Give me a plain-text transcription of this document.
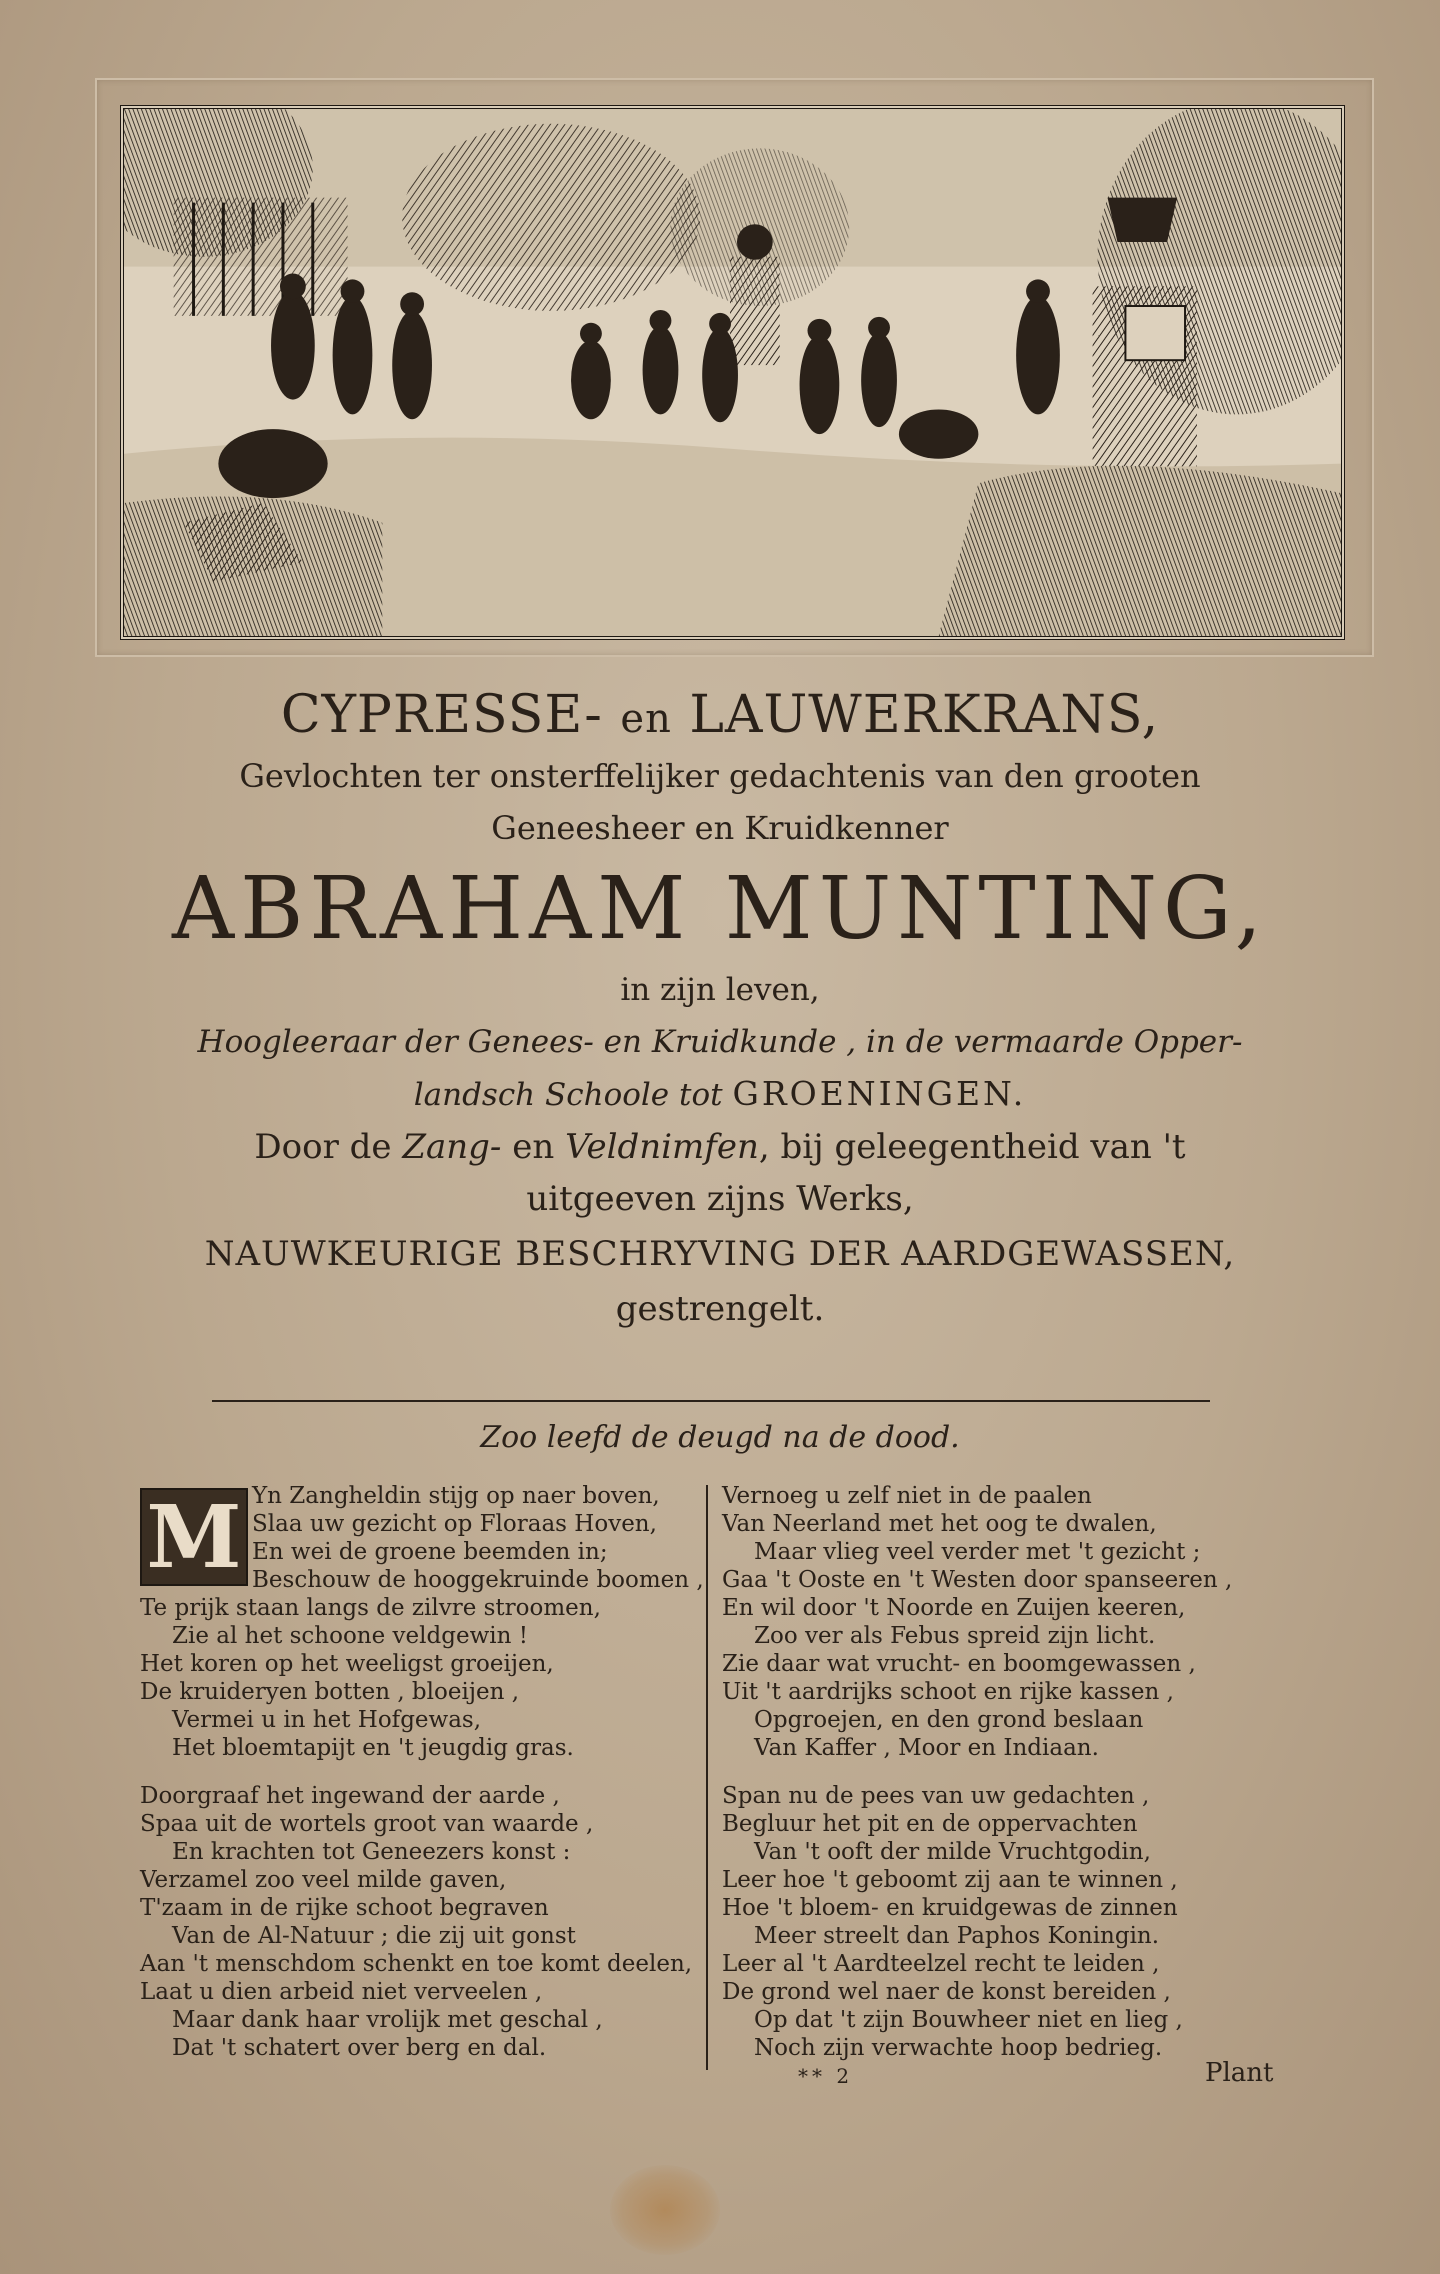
CYPRESSE- en LAUWERKRANS,

Gevlochten ter onsterffelijker gedachtenis van den grooten

Geneesheer en Kruidkenner

ABRAHAM MUNTING,

in zijn leven,

Hoogleeraar der Genees- en Kruidkunde , in de vermaarde Opper-

landsch Schoole tot GROENINGEN.

Door de Zang- en Veldnimfen, bij geleegentheid van 't

uitgeeven zijns Werks,

NAUWKEURIGE BESCHRYVING DER AARDGEWASSEN,

gestrengelt.

Zoo leefd de deugd na de dood.
M Yn Zangheldin stijg op naer boven,
Slaa uw gezicht op Floraas Hoven,
En wei de groene beemden in;
Beschouw de hooggekruinde boomen ,
Te prijk staan langs de zilvre stroomen,
Zie al het schoone veldgewin !
Het koren op het weeligst groeijen,
De kruideryen botten , bloeijen ,
Vermei u in het Hofgewas,
Het bloemtapijt en 't jeugdig gras.
Doorgraaf het ingewand der aarde ,
Spaa uit de wortels groot van waarde ,
En krachten tot Geneezers konst :
Verzamel zoo veel milde gaven,
T'zaam in de rijke schoot begraven
Van de Al-Natuur ; die zij uit gonst
Aan 't menschdom schenkt en toe komt deelen,
Laat u dien arbeid niet verveelen ,
Maar dank haar vrolijk met geschal ,
Dat 't schatert over berg en dal.
Vernoeg u zelf niet in de paalen
Van Neerland met het oog te dwalen,
Maar vlieg veel verder met 't gezicht ;
Gaa 't Ooste en 't Westen door spanseeren ,
En wil door 't Noorde en Zuijen keeren,
Zoo ver als Febus spreid zijn licht.
Zie daar wat vrucht- en boomgewassen ,
Uit 't aardrijks schoot en rijke kassen ,
Opgroejen, en den grond beslaan
Van Kaffer , Moor en Indiaan.
Span nu de pees van uw gedachten ,
Begluur het pit en de oppervachten
Van 't ooft der milde Vruchtgodin,
Leer hoe 't geboomt zij aan te winnen ,
Hoe 't bloem- en kruidgewas de zinnen
Meer streelt dan Paphos Koningin.
Leer al 't Aardteelzel recht te leiden ,
De grond wel naer de konst bereiden ,
Op dat 't zijn Bouwheer niet en lieg ,
Noch zijn verwachte hoop bedrieg.
** 2	Plant
